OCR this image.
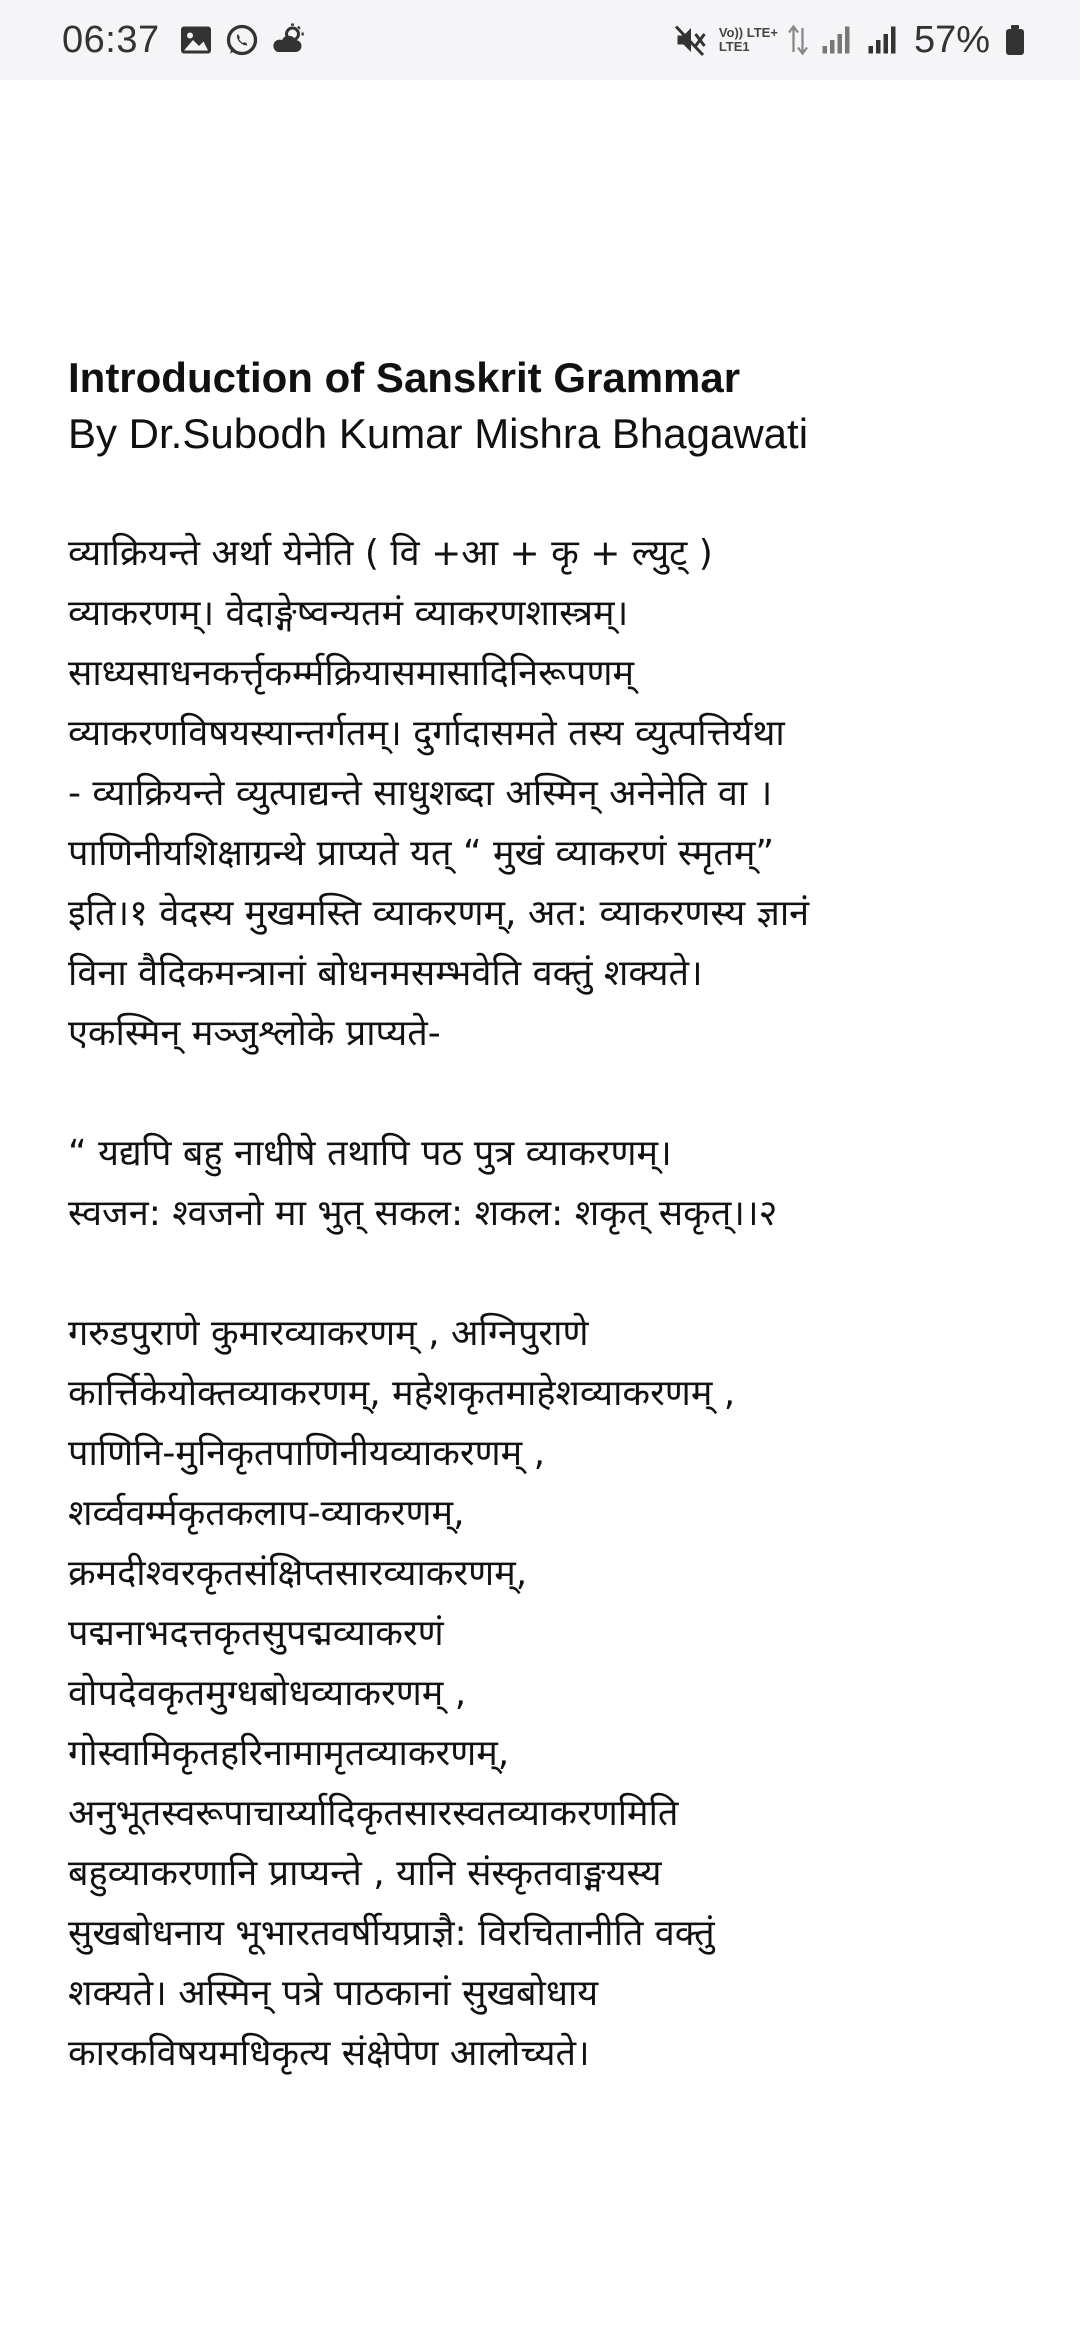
06:37	Vo)) LTE+
LTE1	57%
Introduction of Sanskrit Grammar
By Dr.Subodh Kumar Mishra Bhagawati
व्याक्रियन्ते अर्था येनेति ( वि +आ + कृ + ल्युट् )
व्याकरणम्। वेदाङ्गेष्वन्यतमं व्याकरणशास्त्रम्।
साध्यसाधनकर्त्तृकर्म्मक्रियासमासादिनिरूपणम्
व्याकरणविषयस्यान्तर्गतम्। दुर्गादासमते तस्य व्युत्पत्तिर्यथा
- व्याक्रियन्ते व्युत्पाद्यन्ते साधुशब्दा अस्मिन् अनेनेति वा ।
पाणिनीयशिक्षाग्रन्थे प्राप्यते यत् “ मुखं व्याकरणं स्मृतम्”
इति।१ वेदस्य मुखमस्ति व्याकरणम्, अत: व्याकरणस्य ज्ञानं
विना वैदिकमन्त्रानां बोधनमसम्भवेति वक्तुं शक्यते।
एकस्मिन् मञ्जुश्लोके प्राप्यते-
“ यद्यपि बहु नाधीषे तथापि पठ पुत्र व्याकरणम्।
स्वजन: श्वजनो मा भुत् सकल: शकल: शकृत् सकृत्।।२
गरुडपुराणे कुमारव्याकरणम् , अग्निपुराणे
कार्त्तिकेयोक्तव्याकरणम्, महेशकृतमाहेशव्याकरणम् ,
पाणिनि-मुनिकृतपाणिनीयव्याकरणम् ,
शर्व्ववर्म्मकृतकलाप-व्याकरणम्,
क्रमदीश्वरकृतसंक्षिप्तसारव्याकरणम्,
पद्मनाभदत्तकृतसुपद्मव्याकरणं
वोपदेवकृतमुग्धबोधव्याकरणम् ,
गोस्वामिकृतहरिनामामृतव्याकरणम्,
अनुभूतस्वरूपाचार्य्यादिकृतसारस्वतव्याकरणमिति
बहुव्याकरणानि प्राप्यन्ते , यानि संस्कृतवाङ्मयस्य
सुखबोधनाय भूभारतवर्षीयप्राज्ञै: विरचितानीति वक्तुं
शक्यते। अस्मिन् पत्रे पाठकानां सुखबोधाय
कारकविषयमधिकृत्य संक्षेपेण आलोच्यते।
